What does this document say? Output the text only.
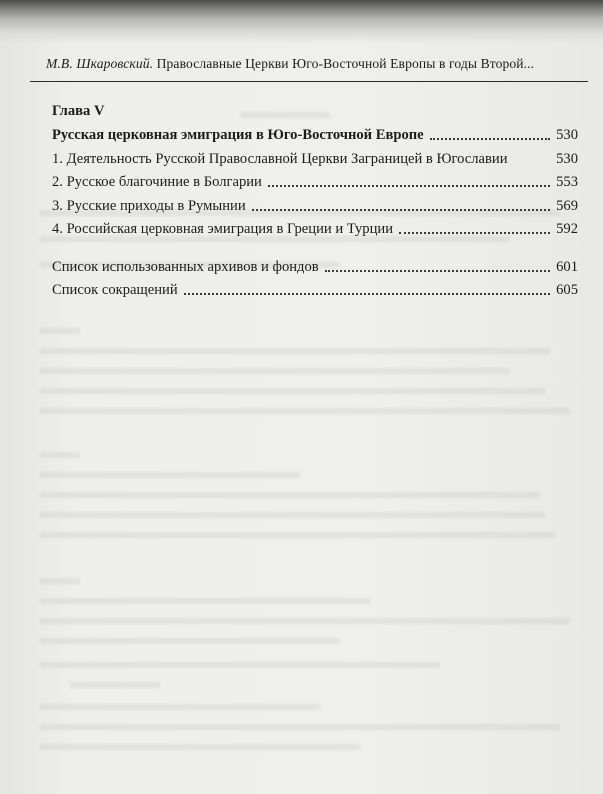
М.В. Шкаровский. Православные Церкви Юго-Восточной Европы в годы Второй...
Глава V
Русская церковная эмиграция в Юго-Восточной Европе	530
1. Деятельность Русской Православной Церкви Заграницей в Югославии	530
2. Русское благочиние в Болгарии	553
3. Русские приходы в Румынии	569
4. Российская церковная эмиграция в Греции и Турции	592
Список использованных архивов и фондов	601
Список сокращений	605
